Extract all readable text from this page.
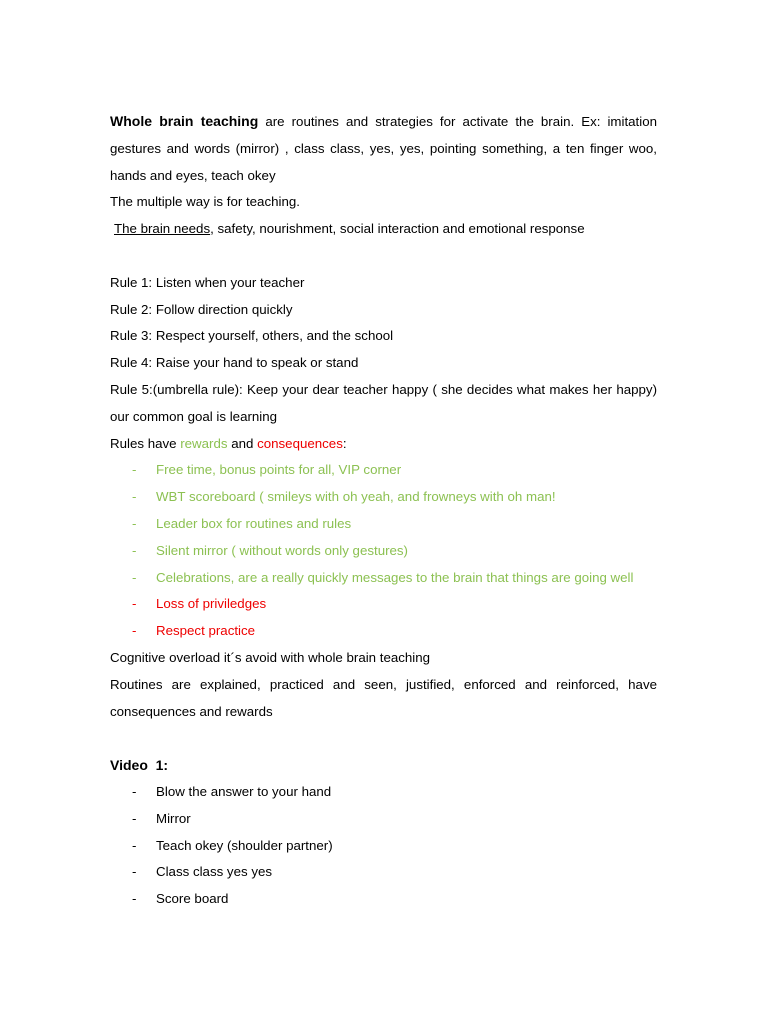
Whole brain teaching are routines and strategies for activate the brain. Ex: imitation gestures and words (mirror) , class class, yes, yes, pointing something, a ten finger woo, hands and eyes, teach okey

The multiple way is for teaching.

The brain needs, safety, nourishment, social interaction and emotional response

Rule 1: Listen when your teacher

Rule 2: Follow direction quickly

Rule 3: Respect yourself, others, and the school

Rule 4: Raise your hand to speak or stand

Rule 5:(umbrella rule): Keep your dear teacher happy ( she decides what makes her happy) our common goal is learning

Rules have rewards and consequences:

- Free time, bonus points for all, VIP corner
- WBT scoreboard ( smileys with oh yeah, and frowneys with oh man!
- Leader box for routines and rules
- Silent mirror ( without words only gestures)
- Celebrations, are a really quickly messages to the brain that things are going well
- Loss of priviledges
- Respect practice

Cognitive overload it´s avoid with whole brain teaching

Routines are explained, practiced and seen, justified, enforced and reinforced, have consequences and rewards

Video  1:

- Blow the answer to your hand
- Mirror
- Teach okey (shoulder partner)
- Class class yes yes
- Score board
